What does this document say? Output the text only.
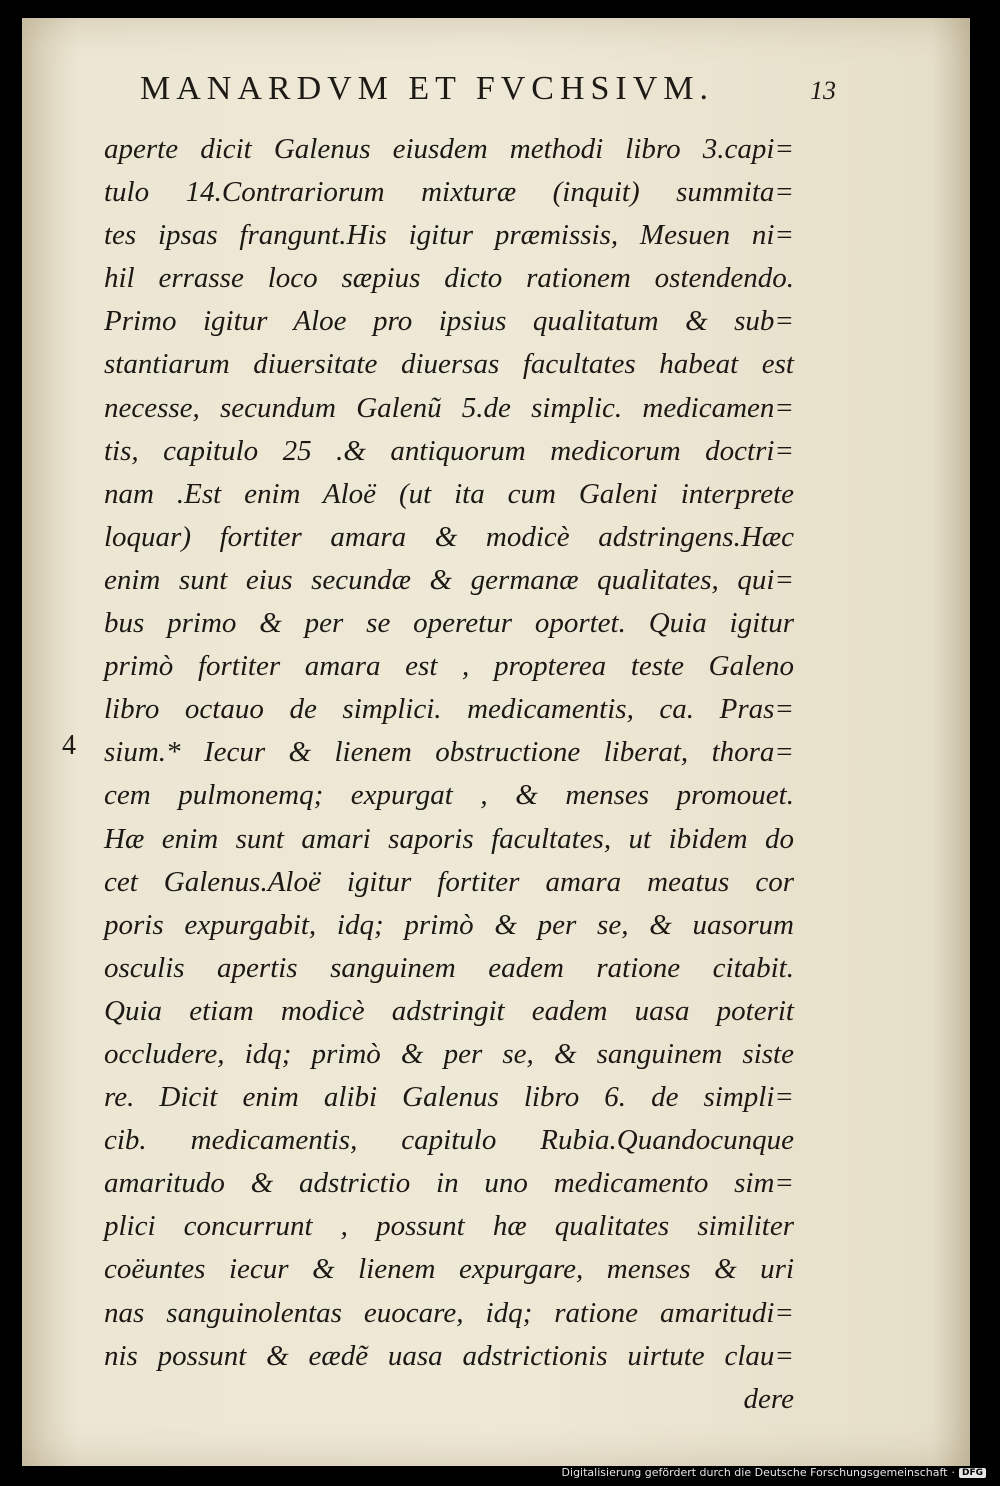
MANARDVM ET FVCHSIVM.	13
4
aperte dicit Galenus eiusdem methodi libro 3.capi=
tulo 14.Contrariorum mixturæ (inquit) summita=
tes ipsas frangunt.His igitur præmissis, Mesuen ni=
hil errasse loco sæpius dicto rationem ostendendo.
Primo igitur Aloe pro ipsius qualitatum & sub=
stantiarum diuersitate diuersas facultates habeat est
necesse, secundum Galenũ 5.de simplic. medicamen=
tis, capitulo 25 .& antiquorum medicorum doctri=
nam .Est enim Aloë (ut ita cum Galeni interprete
loquar) fortiter amara & modicè adstringens.Hæc
enim sunt eius secundæ & germanæ qualitates, qui=
bus primo & per se operetur oportet. Quia igitur
primò fortiter amara est , propterea teste Galeno
libro octauo de simplici. medicamentis, ca. Pras=
sium.* Iecur & lienem obstructione liberat, thora=
cem pulmonemq; expurgat , & menses promouet.
Hæ enim sunt amari saporis facultates, ut ibidem do
cet Galenus.Aloë igitur fortiter amara meatus cor
poris expurgabit, idq; primò & per se, & uasorum
osculis apertis sanguinem eadem ratione citabit.
Quia etiam modicè adstringit eadem uasa poterit
occludere, idq; primò & per se, & sanguinem siste
re. Dicit enim alibi Galenus libro 6. de simpli=
cib. medicamentis, capitulo Rubia.Quandocunque
amaritudo & adstrictio in uno medicamento sim=
plici concurrunt , possunt hæ qualitates similiter
coëuntes iecur & lienem expurgare, menses & uri
nas sanguinolentas euocare, idq; ratione amaritudi=
nis possunt & eædẽ uasa adstrictionis uirtute clau=
dere
Digitalisierung gefördert durch die Deutsche Forschungsgemeinschaft · DFG
